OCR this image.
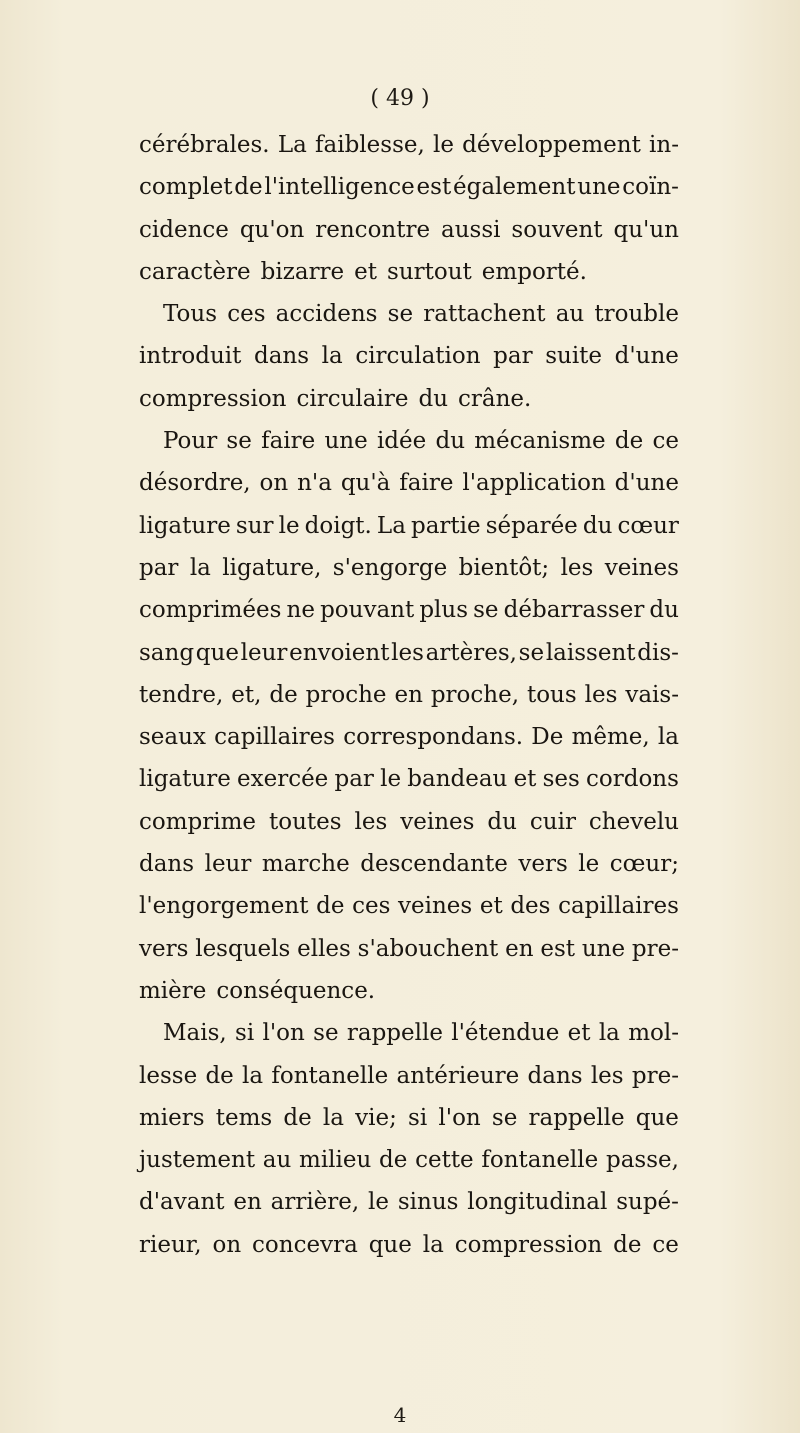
( 49 )
cérébrales. La faiblesse, le développement in-
complet de l'intelligence est également une coïn-
cidence qu'on rencontre aussi souvent qu'un
caractère bizarre et surtout emporté.
Tous ces accidens se rattachent au trouble
introduit dans la circulation par suite d'une
compression circulaire du crâne.
Pour se faire une idée du mécanisme de ce
désordre, on n'a qu'à faire l'application d'une
ligature sur le doigt. La partie séparée du cœur
par la ligature, s'engorge bientôt; les veines
comprimées ne pouvant plus se débarrasser du
sang que leur envoient les artères, se laissent dis-
tendre, et, de proche en proche, tous les vais-
seaux capillaires correspondans. De même, la
ligature exercée par le bandeau et ses cordons
comprime toutes les veines du cuir chevelu
dans leur marche descendante vers le cœur;
l'engorgement de ces veines et des capillaires
vers lesquels elles s'abouchent en est une pre-
mière conséquence.
Mais, si l'on se rappelle l'étendue et la mol-
lesse de la fontanelle antérieure dans les pre-
miers tems de la vie; si l'on se rappelle que
justement au milieu de cette fontanelle passe,
d'avant en arrière, le sinus longitudinal supé-
rieur, on concevra que la compression de ce
4
